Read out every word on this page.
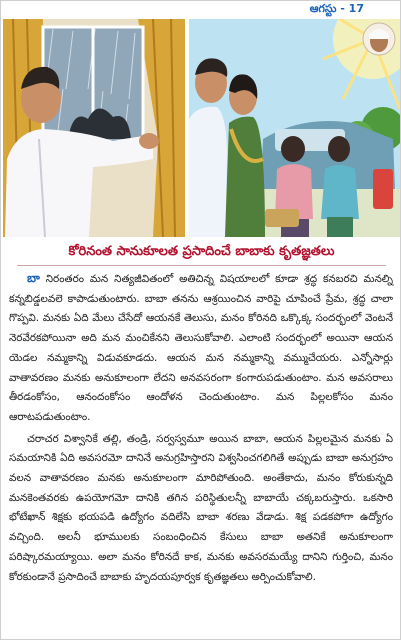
ఆగస్టు - 17
కోరినంత సానుకూలత ప్రసాదించే బాబాకు కృతజ్ఞతలు

బా నిరంతరం మన నిత్యజీవితంలో అతిచిన్న విషయాలలో కూడా శ్రద్ధ కనబరచి మనల్ని కన్నబిడ్డలవలె కాపాడుతుంటారు. బాబా తనను ఆశ్రయించిన వారిపై చూపించే ప్రేమ, శ్రద్ధ చాలా గొప్పవి. మనకు ఏది మేలు చేసేదో ఆయనకే తెలుసు, మనం కోరినది ఒక్కొక్క సందర్భంలో వెంటనే నెరవేరకపోయినా అది మన మంచికేనని తెలుసుకోవాలి. ఎలాంటి సందర్భంలో అయినా ఆయన యెడల నమ్మకాన్ని విడువకూడదు. ఆయన మన నమ్మకాన్ని వమ్ముచేయరు. ఎన్నోసార్లు వాతావరణం మనకు అనుకూలంగా లేదని అనవసరంగా కంగారుపడుతుంటాం. మన అవసరాలు తీరడంకోసం, ఆనందంకోసం ఆందోళన చెందుతుంటాం. మన పిల్లలకోసం మనం ఆరాటపడుతుంటాం.

చరాచర విశ్వానికే తల్లి, తండ్రి, సర్వస్వమూ అయిన బాబా, ఆయన పిల్లలమైన మనకు ఏ సమయానికి ఏది అవసరమో దానినే అనుగ్రహిస్తారని విశ్వసించగలిగితే అప్పుడు బాబా అనుగ్రహం వలన వాతావరణం మనకు అనుకూలంగా మారిపోతుంది. అంతేకాదు, మనం కోరుకున్నది మనకెంతవరకు ఉపయోగమో దానికి తగిన పరిస్థితులన్నీ బాబాయే చక్కబరుస్తారు. ఒకసారి భోటేఖాన్ శిక్షకు భయపడి ఉద్యోగం వదిలేసి బాబా శరణు వేడాడు. శిక్ష పడకపోగా ఉద్యోగం వచ్చింది. అలనీ భూములకు సంబంధించిన కేసులు బాబా అతనికే అనుకూలంగా పరిష్కారమయ్యాయి. అలా మనం కోరినదే కాక, మనకు అవసరమయ్యే దానిని గుర్తించి, మనం కోరకుండానే ప్రసాదించే బాబాకు హృదయపూర్వక కృతజ్ఞతలు అర్పించుకోవాలి.
